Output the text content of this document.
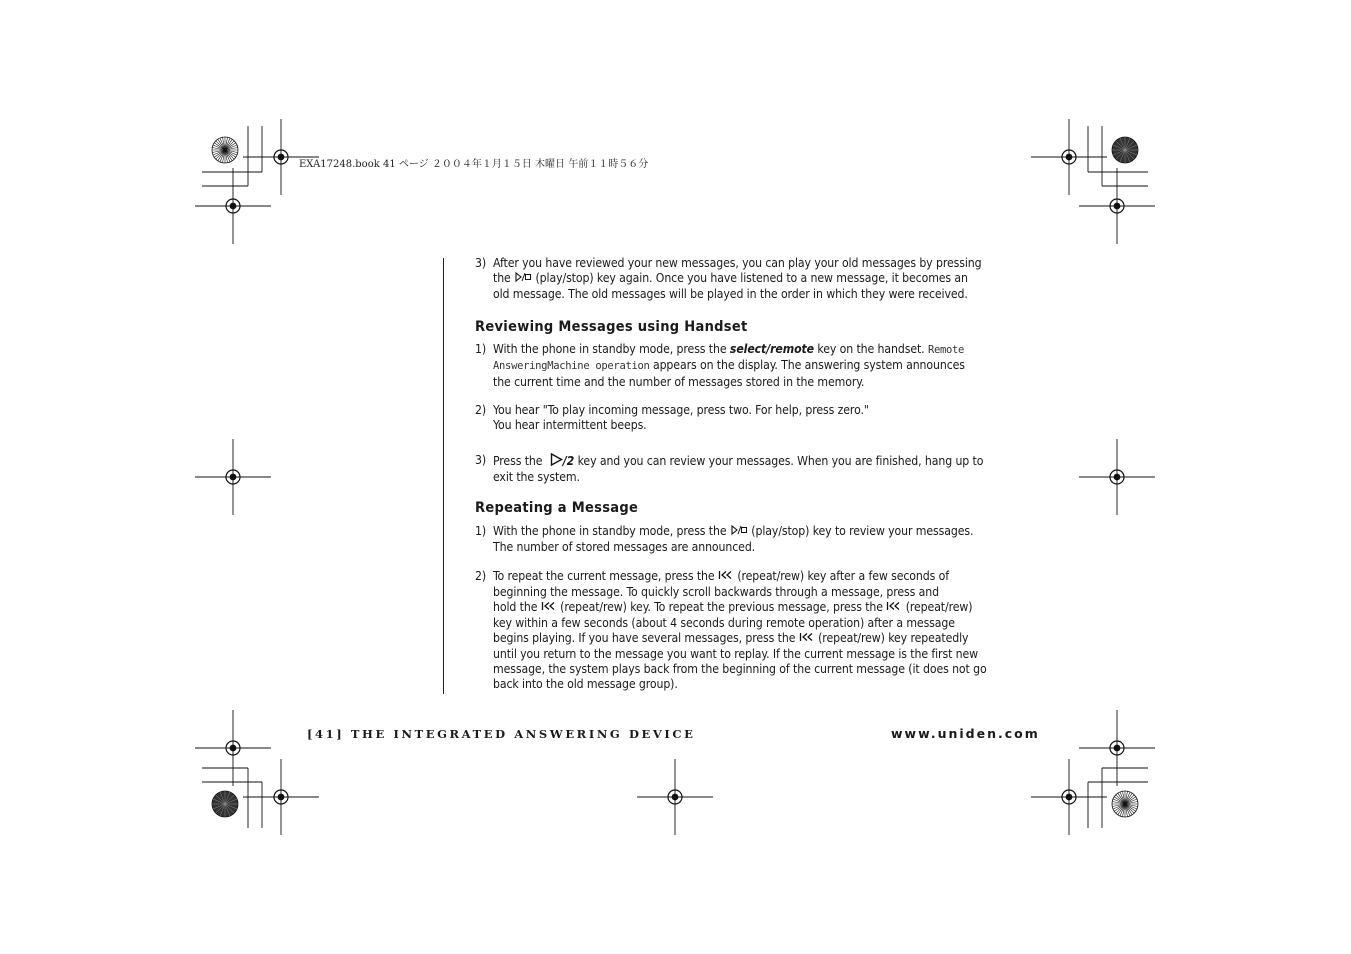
EXA17248.book 41 ページ ２００４年１月１５日 木曜日 午前１１時５６分
3) After you have reviewed your new messages, you can play your old messages by pressing
the (play/stop) key again. Once you have listened to a new message, it becomes an
old message. The old messages will be played in the order in which they were received.
Reviewing Messages using Handset
1) With the phone in standby mode, press the select/remote key on the handset. Remote
AnsweringMachine operation appears on the display. The answering system announces
the current time and the number of messages stored in the memory.
2) You hear "To play incoming message, press two. For help, press zero."
You hear intermittent beeps.
3) Press the /2 key and you can review your messages. When you are finished, hang up to
exit the system.
Repeating a Message
1) With the phone in standby mode, press the (play/stop) key to review your messages.
The number of stored messages are announced.
2) To repeat the current message, press the (repeat/rew) key after a few seconds of
beginning the message. To quickly scroll backwards through a message, press and
hold the (repeat/rew) key. To repeat the previous message, press the (repeat/rew)
key within a few seconds (about 4 seconds during remote operation) after a message
begins playing. If you have several messages, press the (repeat/rew) key repeatedly
until you return to the message you want to replay. If the current message is the first new
message, the system plays back from the beginning of the current message (it does not go
back into the old message group).
[41] THE INTEGRATED ANSWERING DEVICE	www.uniden.com
